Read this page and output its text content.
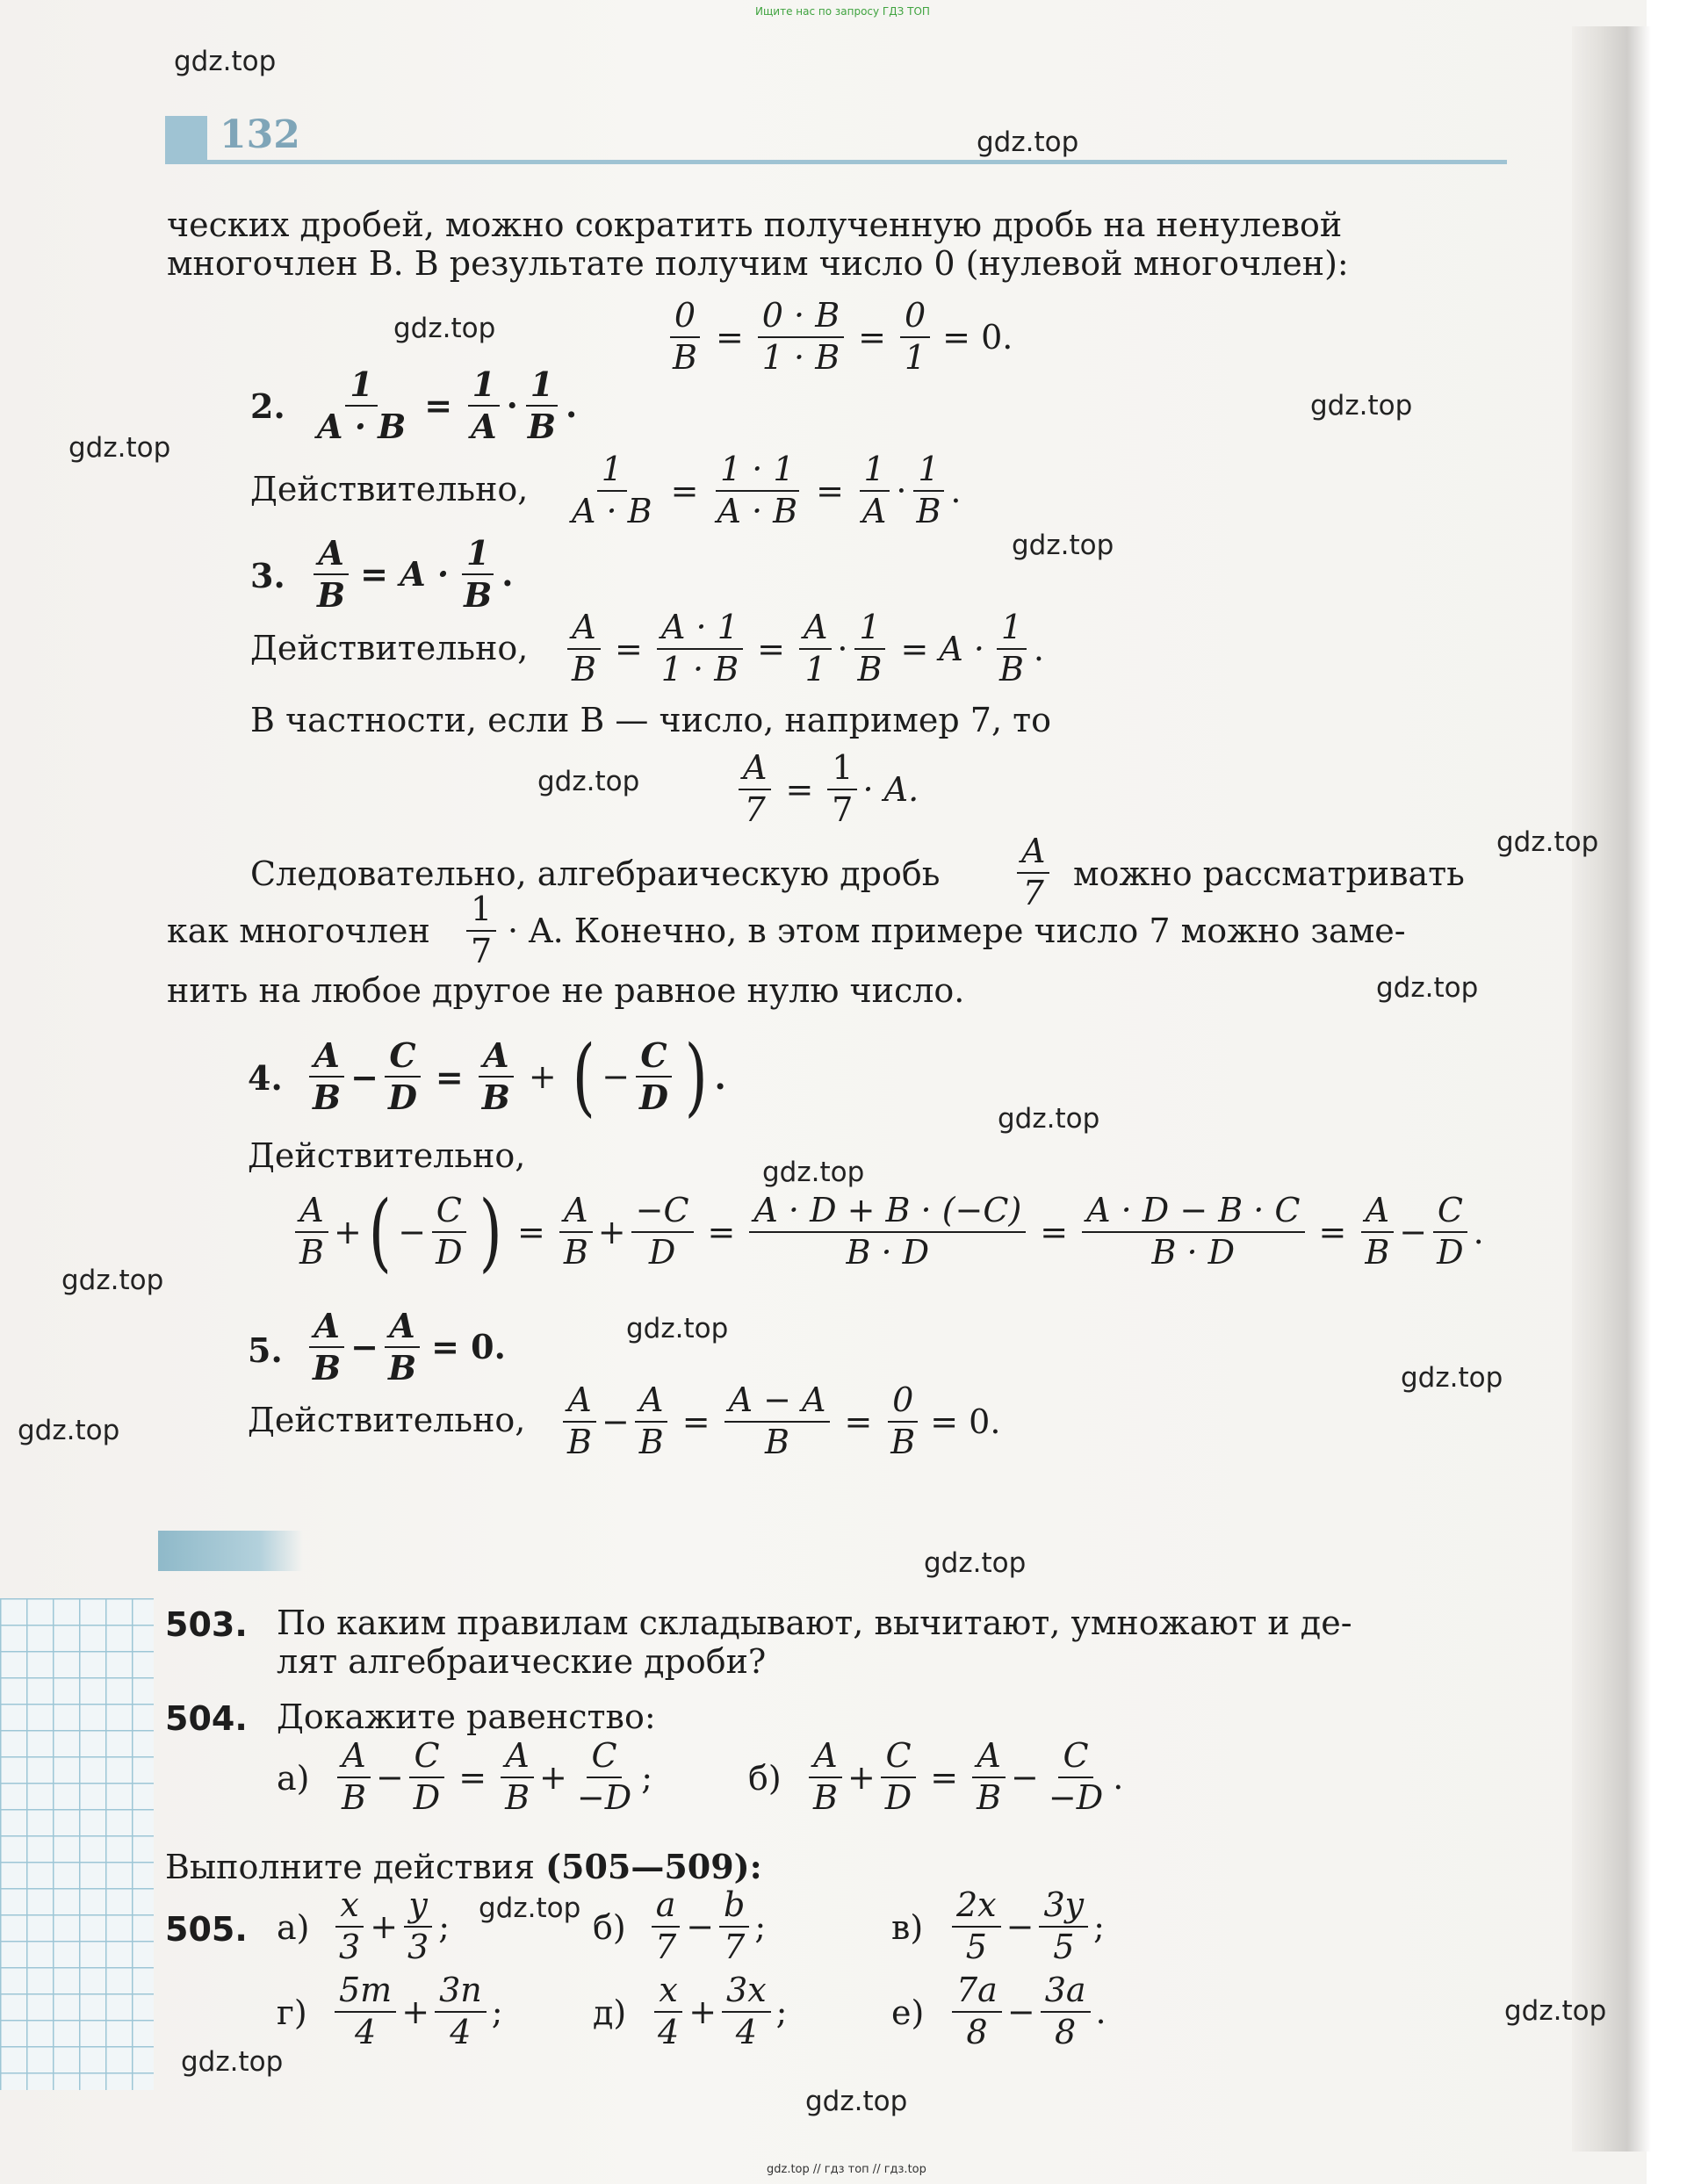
Ищите нас по запросу ГДЗ ТОП
132
ческих дробей, можно сократить полученную дробь на ненулевой
многочлен B. В результате получим число 0 (нулевой многочлен):
$\frac{0}{B} = \frac{0 \cdot B}{1 \cdot B} = \frac{0}{1} = 0$.
2. $\frac{1}{A \cdot B} = \frac{1}{A} \cdot \frac{1}{B}$ .
Действительно, $\frac{1}{A \cdot B} = \frac{1 \cdot 1}{A \cdot B} = \frac{1}{A} \cdot \frac{1}{B}$ .
3. $\frac{A}{B} = A \cdot \frac{1}{B}$ .
Действительно, $\frac{A}{B} = \frac{A \cdot 1}{1 \cdot B} = \frac{A}{1} \cdot \frac{1}{B} = A \cdot \frac{1}{B}$ .
В частности, если B — число, например 7, то
$\frac{A}{7} = \frac{1}{7} \cdot A$.
Следовательно, алгебраическую дробь $\frac{A}{7}$ можно рассматривать
как многочлен $\frac{1}{7} \cdot A$. Конечно, в этом примере число 7 можно заме-
нить на любое другое не равное нулю число.
4. $\frac{A}{B} - \frac{C}{D} = \frac{A}{B}$ + ( − $\frac{C}{D}$ ) .
Действительно,
$\frac{A}{B}$ + ( − $\frac{C}{D}$ ) = $\frac{A}{B} + \frac{-C}{D} = \frac{A \cdot D + B \cdot (-C)}{B \cdot D} = \frac{A \cdot D - B \cdot C}{B \cdot D} = \frac{A}{B} - \frac{C}{D}$ .
5. $\frac{A}{B} - \frac{A}{B} = 0$.
Действительно, $\frac{A}{B} - \frac{A}{B} = \frac{A - A}{B} = \frac{0}{B} = 0$.
503. По каким правилам складывают, вычитают, умножают и де-
лят алгебраические дроби?
504. Докажите равенство:
$а) \frac{A}{B} - \frac{C}{D} = \frac{A}{B} + \frac{C}{-D}$ ;	$б) \frac{A}{B} + \frac{C}{D} = \frac{A}{B} - \frac{C}{-D}$ .
Выполните действия (505—509):
505. $а) \frac{x}{3} + \frac{y}{3}$ ;	$б) \frac{a}{7} - \frac{b}{7}$ ;	$в) \frac{2x}{5} - \frac{3y}{5}$ ;
$г) \frac{5m}{4} + \frac{3n}{4}$ ;	$д) \frac{x}{4} + \frac{3x}{4}$ ;	$е) \frac{7a}{8} - \frac{3a}{8}$ .
gdz.top
gdz.top
gdz.top
gdz.top
gdz.top
gdz.top
gdz.top
gdz.top
gdz.top
gdz.top
gdz.top
gdz.top
gdz.top
gdz.top
gdz.top
gdz.top
gdz.top
gdz.top
gdz.top
gdz.top
gdz.top // гдз топ // гдз.top
